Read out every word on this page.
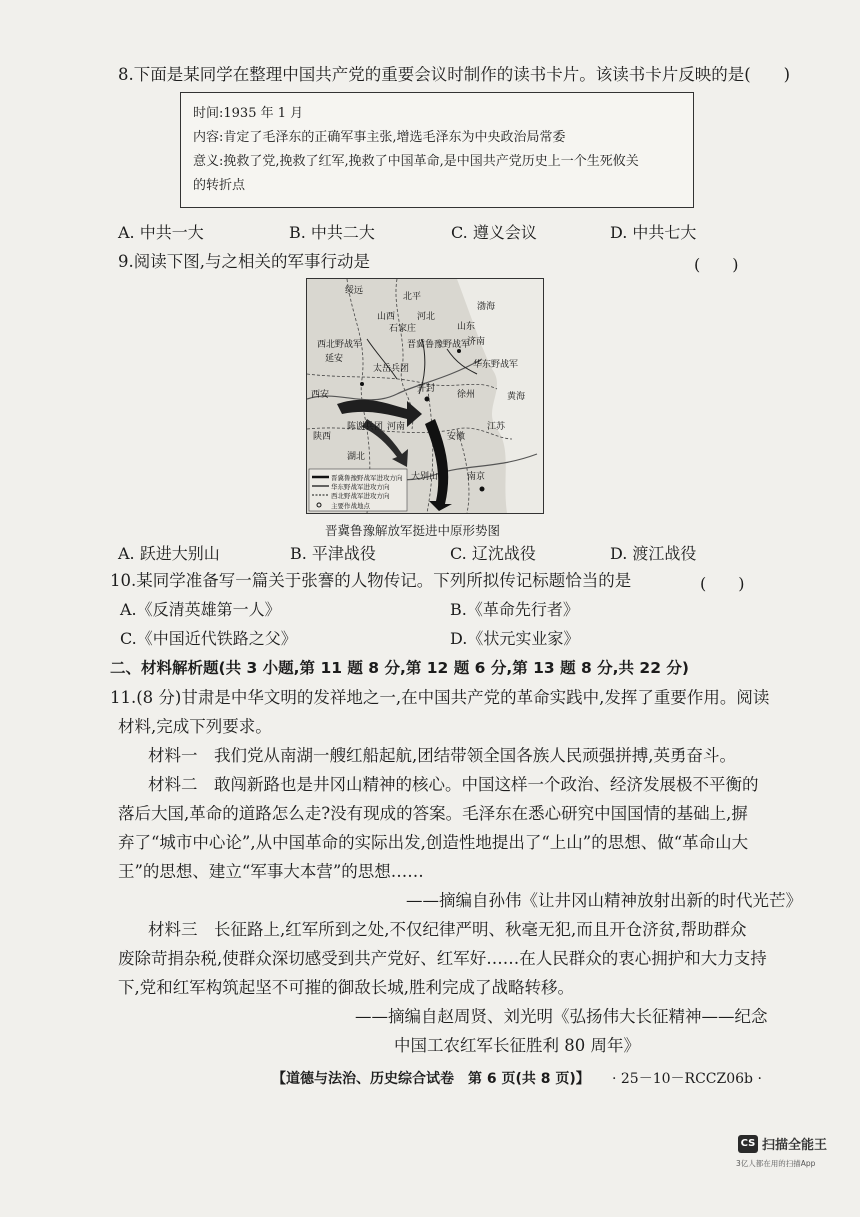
8.下面是某同学在整理中国共产党的重要会议时制作的读书卡片。该读书卡片反映的是(　　)
时间:1935 年 1 月
内容:肯定了毛泽东的正确军事主张,增选毛泽东为中央政治局常委
意义:挽救了党,挽救了红军,挽救了中国革命,是中国共产党历史上一个生死攸关
的转折点
A. 中共一大	B. 中共二大	C. 遵义会议	D. 中共七大
9.阅读下图,与之相关的军事行动是	(　　)
绥远
北平
山西 河北
渤海
石家庄
西北野战军
延安
晋冀鲁豫野战军
太岳兵团
济南
华东野战军
山东
西安
开封
徐州	黄海
陈谢兵团
陕西
河南
安徽
江苏
湖北
大别山	南京
晋冀鲁豫野战军进攻方向
华东野战军进攻方向
西北野战军进攻方向
主要作战地点
晋冀鲁豫解放军挺进中原形势图
A. 跃进大别山	B. 平津战役	C. 辽沈战役	D. 渡江战役
10.某同学准备写一篇关于张謇的人物传记。下列所拟传记标题恰当的是	(　　)
A.《反清英雄第一人》	B.《革命先行者》
C.《中国近代铁路之父》	D.《状元实业家》
二、材料解析题(共 3 小题,第 11 题 8 分,第 12 题 6 分,第 13 题 8 分,共 22 分)
11.(8 分)甘肃是中华文明的发祥地之一,在中国共产党的革命实践中,发挥了重要作用。阅读
材料,完成下列要求。
材料一　我们党从南湖一艘红船起航,团结带领全国各族人民顽强拼搏,英勇奋斗。
材料二　敢闯新路也是井冈山精神的核心。中国这样一个政治、经济发展极不平衡的
落后大国,革命的道路怎么走?没有现成的答案。毛泽东在悉心研究中国国情的基础上,摒
弃了“城市中心论”,从中国革命的实际出发,创造性地提出了“上山”的思想、做“革命山大
王”的思想、建立“军事大本营”的思想……
——摘编自孙伟《让井冈山精神放射出新的时代光芒》
材料三　长征路上,红军所到之处,不仅纪律严明、秋毫无犯,而且开仓济贫,帮助群众
废除苛捐杂税,使群众深切感受到共产党好、红军好……在人民群众的衷心拥护和大力支持
下,党和红军构筑起坚不可摧的御敌长城,胜利完成了战略转移。
——摘编自赵周贤、刘光明《弘扬伟大长征精神——纪念
中国工农红军长征胜利 80 周年》
【道德与法治、历史综合试卷　第 6 页(共 8 页)】 · 25－10－RCCZ06b ·
CS 扫描全能王
3亿人都在用的扫描App
